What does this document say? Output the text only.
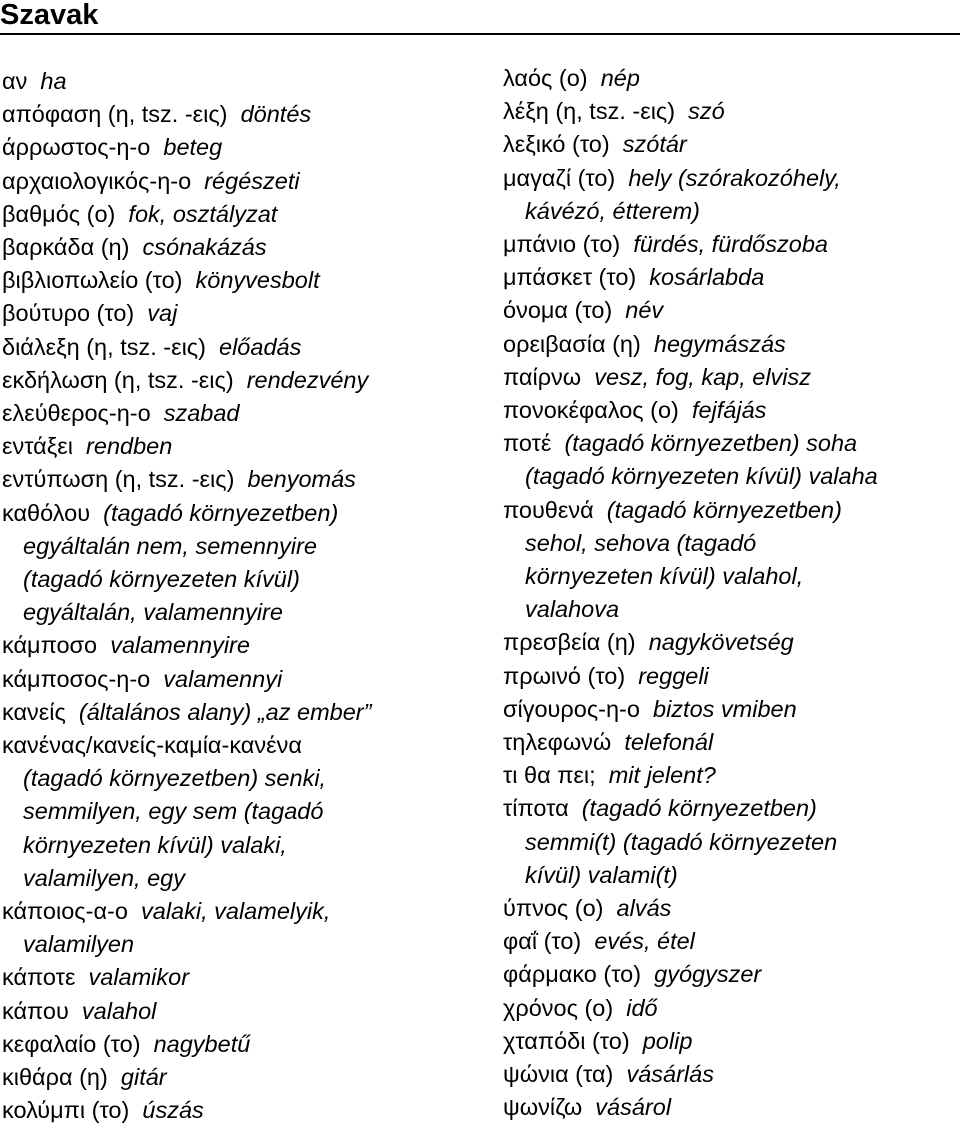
Szavak
αν ha
απόφαση (η, tsz. -εις) döntés
άρρωστος-η-ο beteg
αρχαιολογικός-η-ο régészeti
βαθμός (ο) fok, osztályzat
βαρκάδα (η) csónakázás
βιβλιοπωλείο (το) könyvesbolt
βούτυρο (το) vaj
διάλεξη (η, tsz. -εις) előadás
εκδήλωση (η, tsz. -εις) rendezvény
ελεύθερος-η-ο szabad
εντάξει rendben
εντύπωση (η, tsz. -εις) benyomás
καθόλου (tagadó környezetben)
egyáltalán nem, semennyire
(tagadó környezeten kívül)
egyáltalán, valamennyire
κάμποσο valamennyire
κάμποσος-η-ο valamennyi
κανείς (általános alany) „az ember”
κανένας/κανείς-καμία-κανένα
(tagadó környezetben) senki,
semmilyen, egy sem (tagadó
környezeten kívül) valaki,
valamilyen, egy
κάποιος-α-ο valaki, valamelyik,
valamilyen
κάποτε valamikor
κάπου valahol
κεφαλαίο (το) nagybetű
κιθάρα (η) gitár
κολύμπι (το) úszás
λαός (ο) nép
λέξη (η, tsz. -εις) szó
λεξικό (το) szótár
μαγαζί (το) hely (szórakozóhely,
kávézó, étterem)
μπάνιο (το) fürdés, fürdőszoba
μπάσκετ (το) kosárlabda
όνομα (το) név
ορειβασία (η) hegymászás
παίρνω vesz, fog, kap, elvisz
πονοκέφαλος (ο) fejfájás
ποτέ (tagadó környezetben) soha
(tagadó környezeten kívül) valaha
πουθενά (tagadó környezetben)
sehol, sehova (tagadó
környezeten kívül) valahol,
valahova
πρεσβεία (η) nagykövetség
πρωινό (το) reggeli
σίγουρος-η-ο biztos vmiben
τηλεφωνώ telefonál
τι θα πει; mit jelent?
τίποτα (tagadó környezetben)
semmi(t) (tagadó környezeten
kívül) valami(t)
ύπνος (ο) alvás
φαΐ (το) evés, étel
φάρμακο (το) gyógyszer
χρόνος (ο) idő
χταπόδι (το) polip
ψώνια (τα) vásárlás
ψωνίζω vásárol
